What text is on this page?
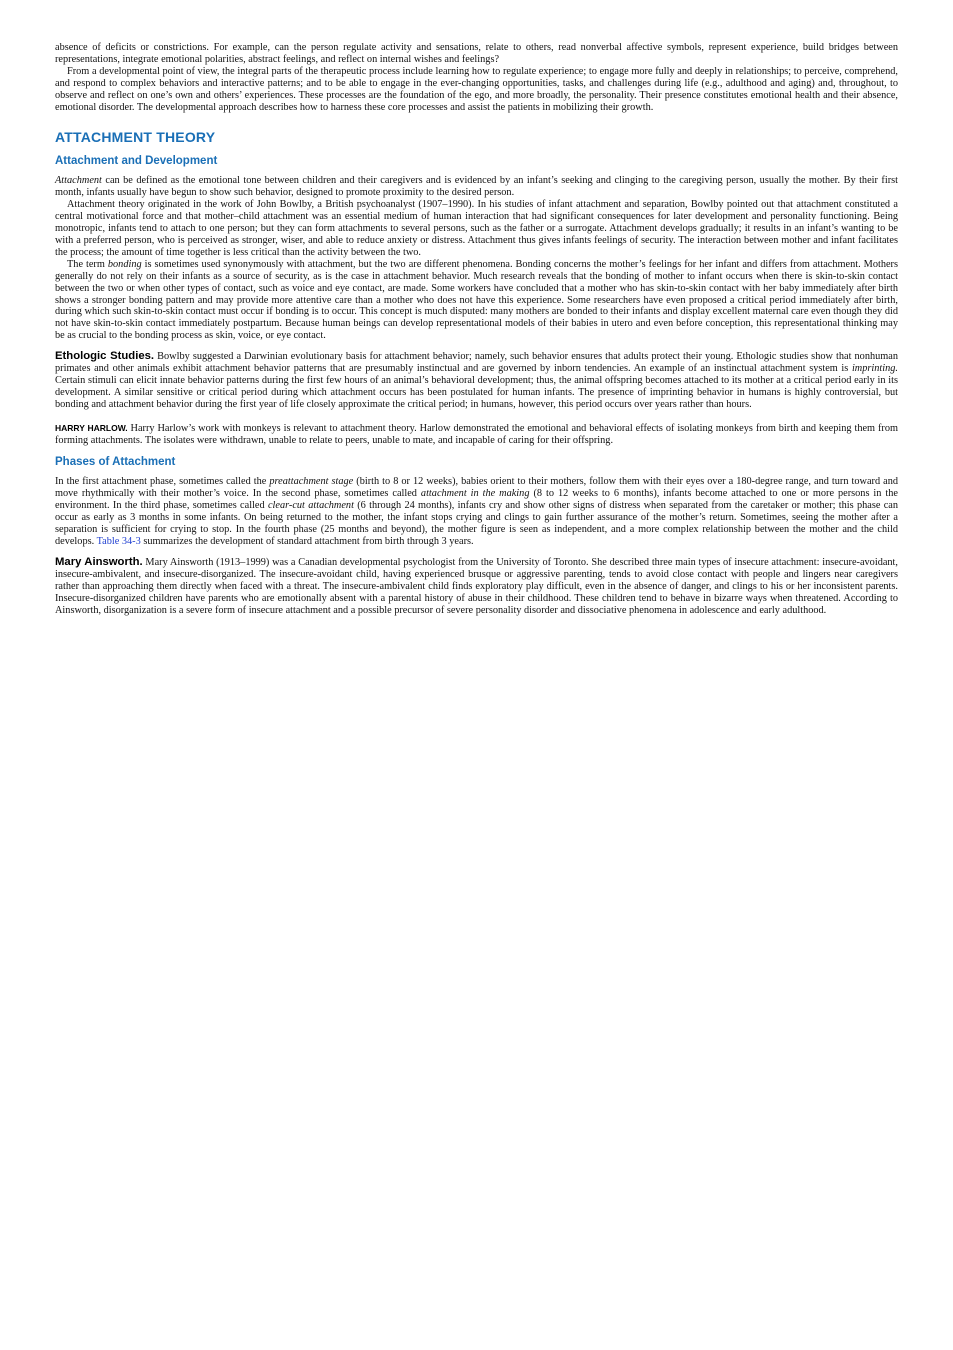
absence of deficits or constrictions. For example, can the person regulate activity and sensations, relate to others, read nonverbal affective symbols, represent experience, build bridges between representations, integrate emotional polarities, abstract feelings, and reflect on internal wishes and feelings?

From a developmental point of view, the integral parts of the therapeutic process include learning how to regulate experience; to engage more fully and deeply in relationships; to perceive, comprehend, and respond to complex behaviors and interactive patterns; and to be able to engage in the ever-changing opportunities, tasks, and challenges during life (e.g., adulthood and aging) and, throughout, to observe and reflect on one’s own and others’ experiences. These processes are the foundation of the ego, and more broadly, the personality. Their presence constitutes emotional health and their absence, emotional disorder. The developmental approach describes how to harness these core processes and assist the patients in mobilizing their growth.

ATTACHMENT THEORY
Attachment and Development

Attachment can be defined as the emotional tone between children and their caregivers and is evidenced by an infant’s seeking and clinging to the caregiving person, usually the mother. By their first month, infants usually have begun to show such behavior, designed to promote proximity to the desired person.

Attachment theory originated in the work of John Bowlby, a British psychoanalyst (1907–1990). In his studies of infant attachment and separation, Bowlby pointed out that attachment constituted a central motivational force and that mother–child attachment was an essential medium of human interaction that had significant consequences for later development and personality functioning. Being monotropic, infants tend to attach to one person; but they can form attachments to several persons, such as the father or a surrogate. Attachment develops gradually; it results in an infant’s wanting to be with a preferred person, who is perceived as stronger, wiser, and able to reduce anxiety or distress. Attachment thus gives infants feelings of security. The interaction between mother and infant facilitates the process; the amount of time together is less critical than the activity between the two.

The term bonding is sometimes used synonymously with attachment, but the two are different phenomena. Bonding concerns the mother’s feelings for her infant and differs from attachment. Mothers generally do not rely on their infants as a source of security, as is the case in attachment behavior. Much research reveals that the bonding of mother to infant occurs when there is skin-to-skin contact between the two or when other types of contact, such as voice and eye contact, are made. Some workers have concluded that a mother who has skin-to-skin contact with her baby immediately after birth shows a stronger bonding pattern and may provide more attentive care than a mother who does not have this experience. Some researchers have even proposed a critical period immediately after birth, during which such skin-to-skin contact must occur if bonding is to occur. This concept is much disputed: many mothers are bonded to their infants and display excellent maternal care even though they did not have skin-to-skin contact immediately postpartum. Because human beings can develop representational models of their babies in utero and even before conception, this representational thinking may be as crucial to the bonding process as skin, voice, or eye contact.

Ethologic Studies. Bowlby suggested a Darwinian evolutionary basis for attachment behavior; namely, such behavior ensures that adults protect their young. Ethologic studies show that nonhuman primates and other animals exhibit attachment behavior patterns that are presumably instinctual and are governed by inborn tendencies. An example of an instinctual attachment system is imprinting. Certain stimuli can elicit innate behavior patterns during the first few hours of an animal’s behavioral development; thus, the animal offspring becomes attached to its mother at a critical period early in its development. A similar sensitive or critical period during which attachment occurs has been postulated for human infants. The presence of imprinting behavior in humans is highly controversial, but bonding and attachment behavior during the first year of life closely approximate the critical period; in humans, however, this period occurs over years rather than hours.

HARRY HARLOW. Harry Harlow’s work with monkeys is relevant to attachment theory. Harlow demonstrated the emotional and behavioral effects of isolating monkeys from birth and keeping them from forming attachments. The isolates were withdrawn, unable to relate to peers, unable to mate, and incapable of caring for their offspring.

Phases of Attachment

In the first attachment phase, sometimes called the preattachment stage (birth to 8 or 12 weeks), babies orient to their mothers, follow them with their eyes over a 180-degree range, and turn toward and move rhythmically with their mother’s voice. In the second phase, sometimes called attachment in the making (8 to 12 weeks to 6 months), infants become attached to one or more persons in the environment. In the third phase, sometimes called clear-cut attachment (6 through 24 months), infants cry and show other signs of distress when separated from the caretaker or mother; this phase can occur as early as 3 months in some infants. On being returned to the mother, the infant stops crying and clings to gain further assurance of the mother’s return. Sometimes, seeing the mother after a separation is sufficient for crying to stop. In the fourth phase (25 months and beyond), the mother figure is seen as independent, and a more complex relationship between the mother and the child develops. Table 34-3 summarizes the development of standard attachment from birth through 3 years.

Mary Ainsworth. Mary Ainsworth (1913–1999) was a Canadian developmental psychologist from the University of Toronto. She described three main types of insecure attachment: insecure-avoidant, insecure-ambivalent, and insecure-disorganized. The insecure-avoidant child, having experienced brusque or aggressive parenting, tends to avoid close contact with people and lingers near caregivers rather than approaching them directly when faced with a threat. The insecure-ambivalent child finds exploratory play difficult, even in the absence of danger, and clings to his or her inconsistent parents. Insecure-disorganized children have parents who are emotionally absent with a parental history of abuse in their childhood. These children tend to behave in bizarre ways when threatened. According to Ainsworth, disorganization is a severe form of insecure attachment and a possible precursor of severe personality disorder and dissociative phenomena in adolescence and early adulthood.
